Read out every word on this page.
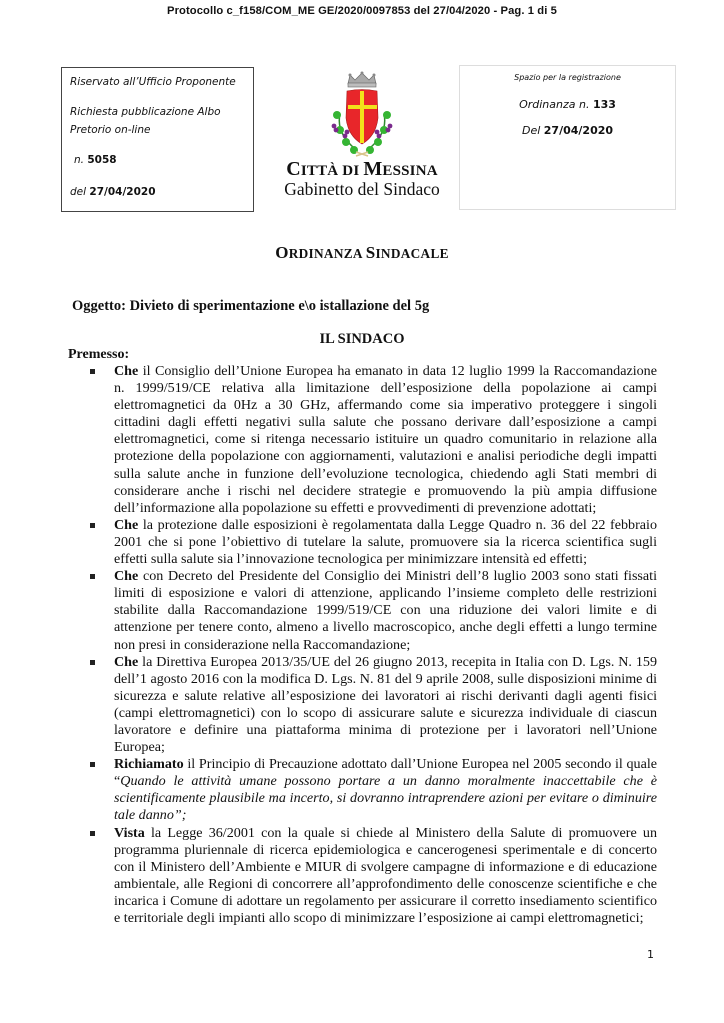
Protocollo c_f158/COM_ME GE/2020/0097853 del 27/04/2020 - Pag. 1 di 5

Riservato all’Ufficio Proponente

Richiesta pubblicazione Albo

Pretorio on-line

n. 5058

del 27/04/2020

CITTÀ DI MESSINA
Gabinetto del Sindaco

Spazio per la registrazione

Ordinanza n. 133

Del 27/04/2020

ORDINANZA SINDACALE
Oggetto: Divieto di sperimentazione e\o istallazione del 5g
IL SINDACO
Premesso:
Che il Consiglio dell’Unione Europea ha emanato in data 12 luglio 1999 la Raccomandazione n. 1999/519/CE relativa alla limitazione dell’esposizione della popolazione ai campi elettromagnetici da 0Hz a 30 GHz, affermando come sia imperativo proteggere i singoli cittadini dagli effetti negativi sulla salute che possano derivare dall’esposizione a campi elettromagnetici, come si ritenga necessario istituire un quadro comunitario in relazione alla protezione della popolazione con aggiornamenti, valutazioni e analisi periodiche degli impatti sulla salute anche in funzione dell’evoluzione tecnologica, chiedendo agli Stati membri di considerare anche i rischi nel decidere strategie e promuovendo la più ampia diffusione dell’informazione alla popolazione su effetti e provvedimenti di prevenzione adottati;
Che la protezione dalle esposizioni è regolamentata dalla Legge Quadro n. 36 del 22 febbraio 2001 che si pone l’obiettivo di tutelare la salute, promuovere sia la ricerca scientifica sugli effetti sulla salute sia l’innovazione tecnologica per minimizzare intensità ed effetti;
Che con Decreto del Presidente del Consiglio dei Ministri dell’8 luglio 2003 sono stati fissati limiti di esposizione e valori di attenzione, applicando l’insieme completo delle restrizioni stabilite dalla Raccomandazione 1999/519/CE con una riduzione dei valori limite e di attenzione per tenere conto, almeno a livello macroscopico, anche degli effetti a lungo termine non presi in considerazione nella Raccomandazione;
Che la Direttiva Europea 2013/35/UE del 26 giugno 2013, recepita in Italia con D. Lgs. N. 159 dell’1 agosto 2016 con la modifica D. Lgs. N. 81 del 9 aprile 2008, sulle disposizioni minime di sicurezza e salute relative all’esposizione dei lavoratori ai rischi derivanti dagli agenti fisici (campi elettromagnetici) con lo scopo di assicurare salute e sicurezza individuale di ciascun lavoratore e definire una piattaforma minima di protezione per i lavoratori nell’Unione Europea;
Richiamato il Principio di Precauzione adottato dall’Unione Europea nel 2005 secondo il quale “Quando le attività umane possono portare a un danno moralmente inaccettabile che è scientificamente plausibile ma incerto, si dovranno intraprendere azioni per evitare o diminuire tale danno”;
Vista la Legge 36/2001 con la quale si chiede al Ministero della Salute di promuovere un programma pluriennale di ricerca epidemiologica e cancerogenesi sperimentale e di concerto con il Ministero dell’Ambiente e MIUR di svolgere campagne di informazione e di educazione ambientale, alle Regioni di concorrere all’approfondimento delle conoscenze scientifiche e che incarica i Comune di adottare un regolamento per assicurare il corretto insediamento scientifico e territoriale degli impianti allo scopo di minimizzare l’esposizione ai campi elettromagnetici;
1
